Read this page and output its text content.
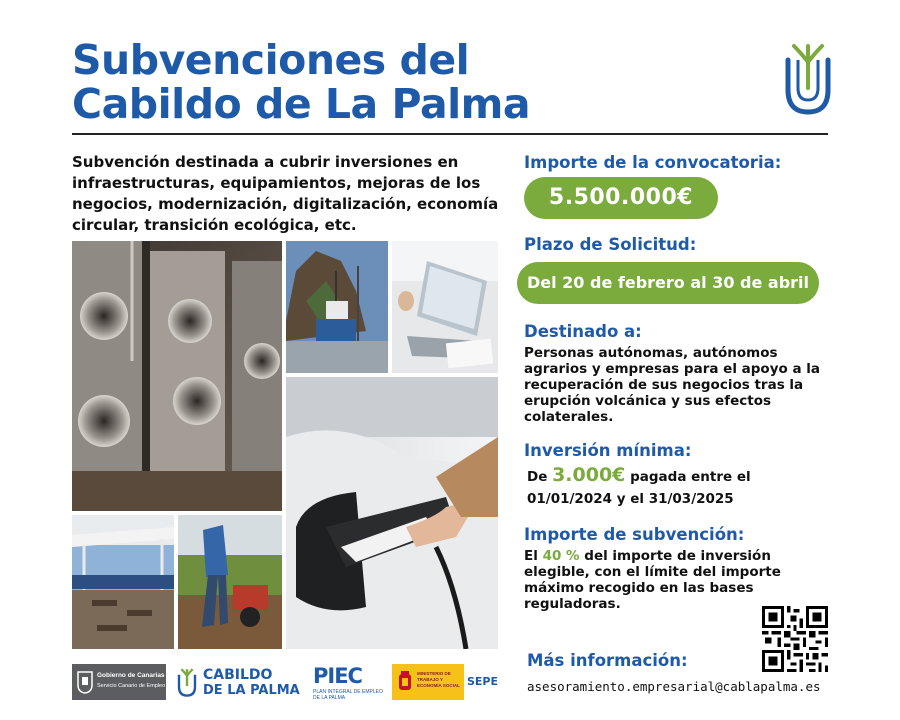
Subvenciones del
Cabildo de La Palma

Subvención destinada a cubrir inversiones en infraestructuras, equipamientos, mejoras de los negocios, modernización, digitalización, economía circular, transición ecológica, etc.

Importe de la convocatoria:
5.500.000€
Plazo de Solicitud:
Del 20 de febrero al 30 de abril
Destinado a:

Personas autónomas, autónomos agrarios y empresas para el apoyo a la recuperación de sus negocios tras la erupción volcánica y sus efectos colaterales.

Inversión mínima:
De 3.000€ pagada entre el
01/01/2024 y el 31/03/2025
Importe de subvención:
El 40 % del importe de inversión
elegible, con el límite del importe
máximo recogido en las bases
reguladoras.
Más información:
asesoramiento.empresarial@cablapalma.es
Gobierno de Canarias
Servicio Canario de Empleo
CABILDO
DE LA PALMA
PIEC
PLAN INTEGRAL DE EMPLEO DE LA PALMA
MINISTERIO DE TRABAJO Y ECONOMÍA SOCIAL SEPE
